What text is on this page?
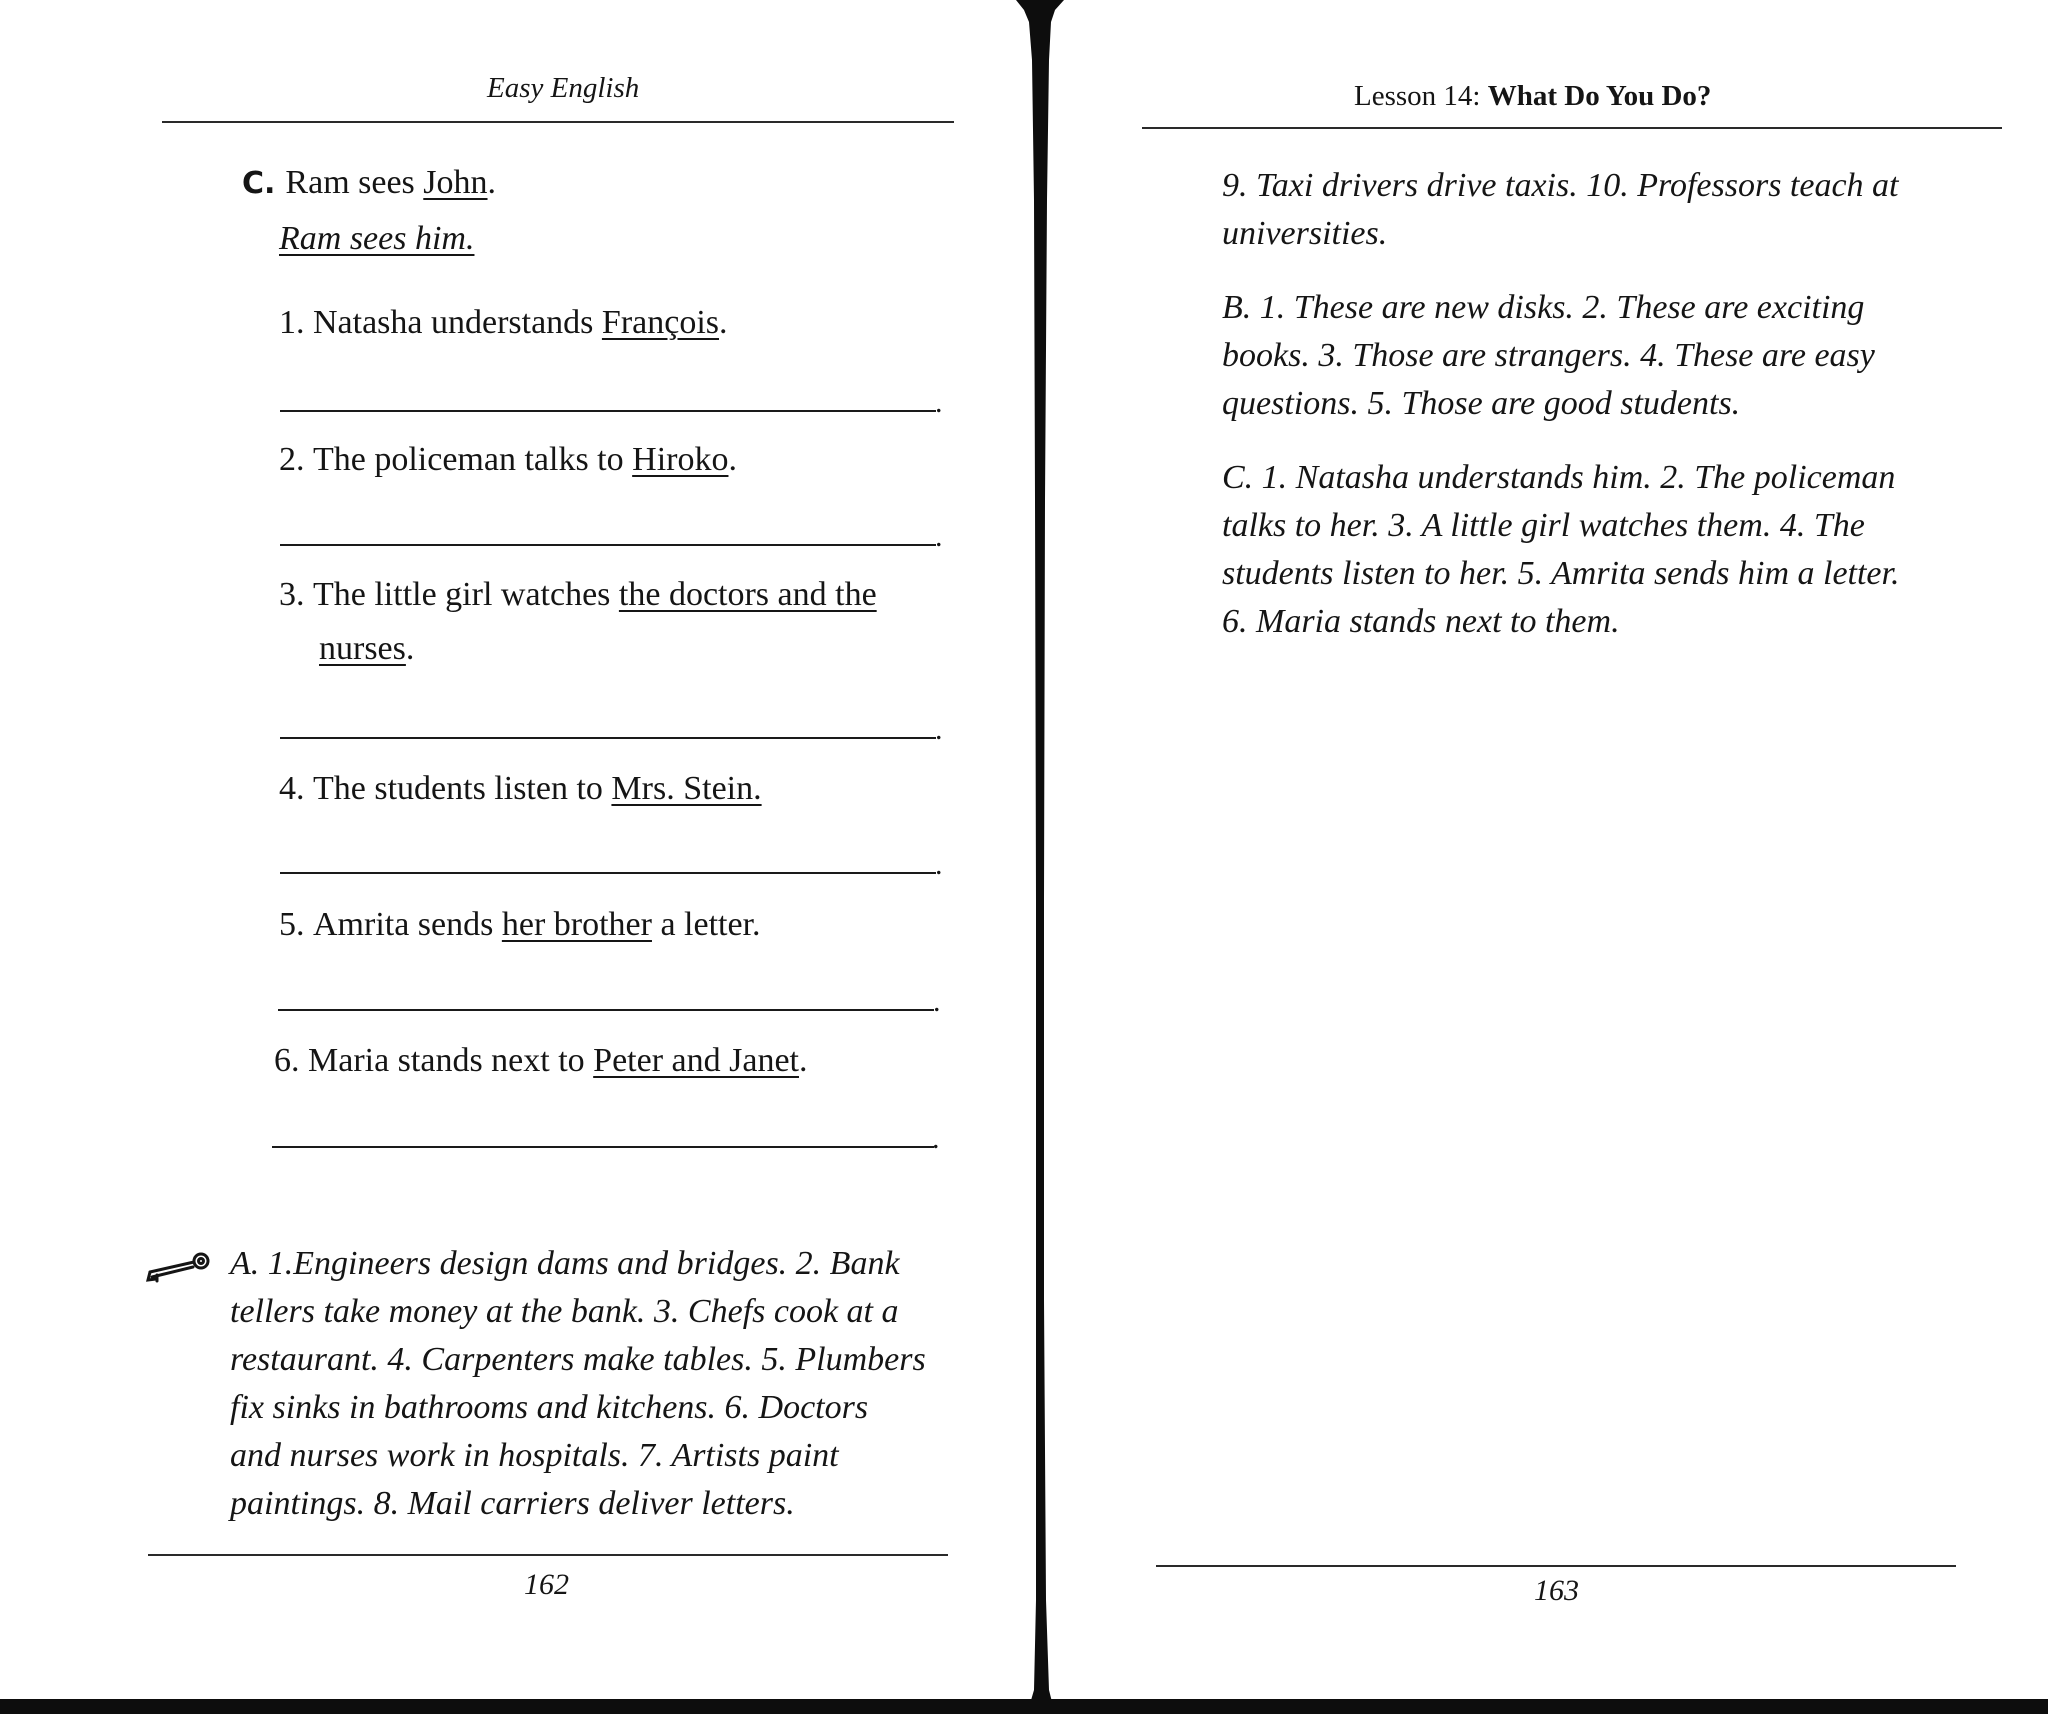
Easy English
C. Ram sees John.
Ram sees him.
1. Natasha understands François.
.
2. The policeman talks to Hiroko.
.
3. The little girl watches the doctors and the
nurses.
.
4. The students listen to Mrs. Stein.
.
5. Amrita sends her brother a letter.
.
6. Maria stands next to Peter and Janet.
.
A. 1.Engineers design dams and bridges. 2. Bank
tellers take money at the bank. 3. Chefs cook at a
restaurant. 4. Carpenters make tables. 5. Plumbers
fix sinks in bathrooms and kitchens. 6. Doctors
and nurses work in hospitals. 7. Artists paint
paintings. 8. Mail carriers deliver letters.
162
Lesson 14: What Do You Do?
9. Taxi drivers drive taxis. 10. Professors teach at
universities.
B. 1. These are new disks. 2. These are exciting
books. 3. Those are strangers. 4. These are easy
questions. 5. Those are good students.
C. 1. Natasha understands him. 2. The policeman
talks to her. 3. A little girl watches them. 4. The
students listen to her. 5. Amrita sends him a letter.
6. Maria stands next to them.
163
